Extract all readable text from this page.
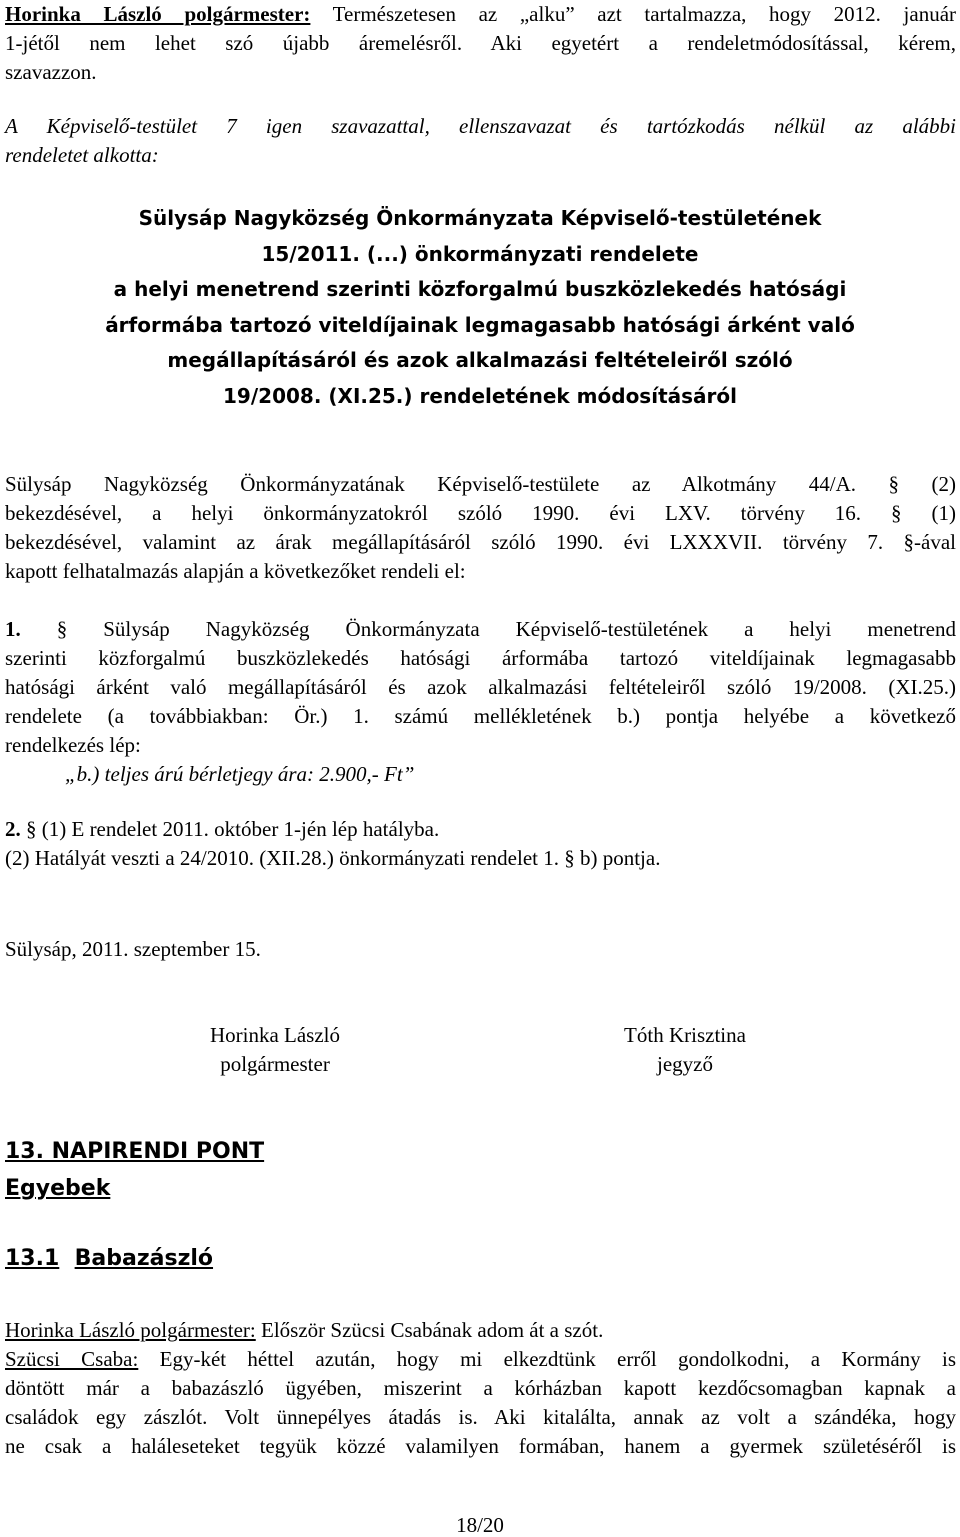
Horinka László polgármester: Természetesen az „alku” azt tartalmazza, hogy 2012. január
1-jétől nem lehet szó újabb áremelésről. Aki egyetért a rendeletmódosítással, kérem,
szavazzon.
A Képviselő-testület 7 igen szavazattal, ellenszavazat és tartózkodás nélkül az alábbi
rendeletet alkotta:
Sülysáp Nagyközség Önkormányzata Képviselő-testületének
15/2011. (...) önkormányzati rendelete
a helyi menetrend szerinti közforgalmú buszközlekedés hatósági
árformába tartozó viteldíjainak legmagasabb hatósági árként való
megállapításáról és azok alkalmazási feltételeiről szóló
19/2008. (XI.25.) rendeletének módosításáról
Sülysáp Nagyközség Önkormányzatának Képviselő-testülete az Alkotmány 44/A. § (2)
bekezdésével, a helyi önkormányzatokról szóló 1990. évi LXV. törvény 16. § (1)
bekezdésével, valamint az árak megállapításáról szóló 1990. évi LXXXVII. törvény 7. §-ával
kapott felhatalmazás alapján a következőket rendeli el:
1. § Sülysáp Nagyközség Önkormányzata Képviselő-testületének a helyi menetrend
szerinti közforgalmú buszközlekedés hatósági árformába tartozó viteldíjainak legmagasabb
hatósági árként való megállapításáról és azok alkalmazási feltételeiről szóló 19/2008. (XI.25.)
rendelete (a továbbiakban: Ör.) 1. számú mellékletének b.) pontja helyébe a következő
rendelkezés lép:
„b.) teljes árú bérletjegy ára: 2.900,- Ft”
2. § (1) E rendelet 2011. október 1-jén lép hatályba.
(2) Hatályát veszti a 24/2010. (XII.28.) önkormányzati rendelet 1. § b) pontja.
Sülysáp, 2011. szeptember 15.
Horinka László
polgármester
Tóth Krisztina
jegyző
13. NAPIRENDI PONT
Egyebek
13.1 Babazászló
Horinka László polgármester: Először Szücsi Csabának adom át a szót.
Szücsi Csaba: Egy-két héttel azután, hogy mi elkezdtünk erről gondolkodni, a Kormány is
döntött már a babazászló ügyében, miszerint a kórházban kapott kezdőcsomagban kapnak a
családok egy zászlót. Volt ünnepélyes átadás is. Aki kitalálta, annak az volt a szándéka, hogy
ne csak a haláleseteket tegyük közzé valamilyen formában, hanem a gyermek születéséről is
18/20
